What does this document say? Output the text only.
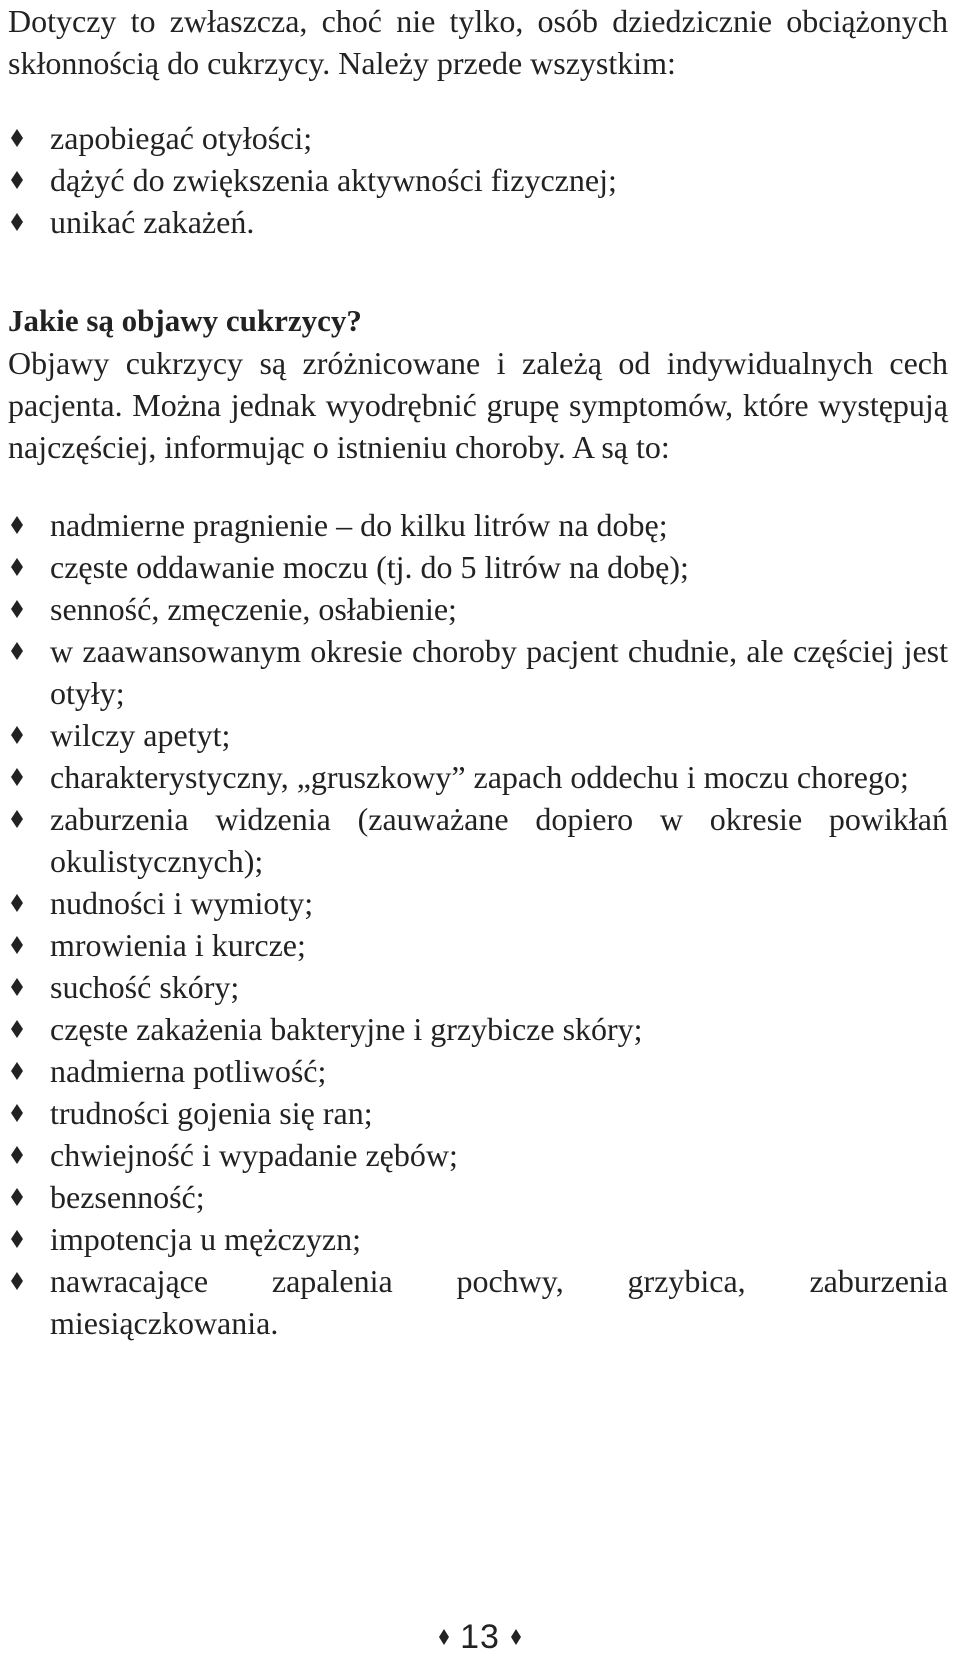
Dotyczy to zwłaszcza, choć nie tylko, osób dziedzicznie obciążonych skłonnością do cukrzycy. Należy przede wszystkim:

zapobiegać otyłości;
dążyć do zwiększenia aktywności fizycznej;
unikać zakażeń.
Jakie są objawy cukrzycy?

Objawy cukrzycy są zróżnicowane i zależą od indywidualnych cech pacjenta. Można jednak wyodrębnić grupę symptomów, które występują najczęściej, informując o istnieniu choroby. A są to:

nadmierne pragnienie – do kilku litrów na dobę;
częste oddawanie moczu (tj. do 5 litrów na dobę);
senność, zmęczenie, osłabienie;
w zaawansowanym okresie choroby pacjent chudnie, ale częściej jest otyły;
wilczy apetyt;
charakterystyczny, „gruszkowy” zapach oddechu i moczu chorego;
zaburzenia widzenia (zauważane dopiero w okresie powikłań okulistycznych);
nudności i wymioty;
mrowienia i kurcze;
suchość skóry;
częste zakażenia bakteryjne i grzybicze skóry;
nadmierna potliwość;
trudności gojenia się ran;
chwiejność i wypadanie zębów;
bezsenność;
impotencja u mężczyzn;
nawracające zapalenia pochwy, grzybica, zaburzenia miesiączkowania.
13
